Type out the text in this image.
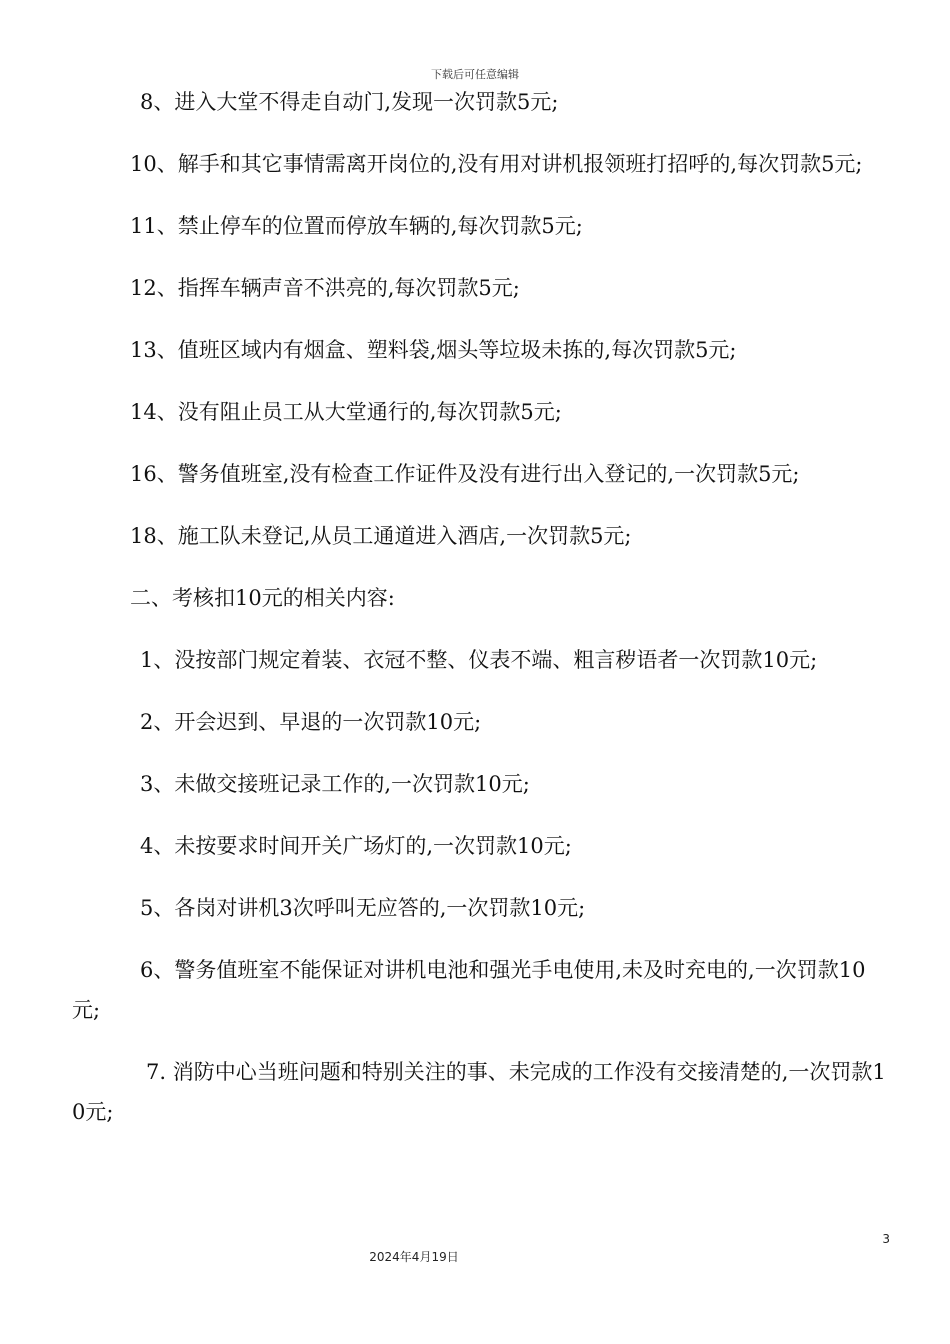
下载后可任意编辑

8、进入大堂不得走自动门,发现一次罚款5元;

10、解手和其它事情需离开岗位的,没有用对讲机报领班打招呼的,每次罚款5元;

11、禁止停车的位置而停放车辆的,每次罚款5元;

12、指挥车辆声音不洪亮的,每次罚款5元;

13、值班区域内有烟盒、塑料袋,烟头等垃圾未拣的,每次罚款5元;

14、没有阻止员工从大堂通行的,每次罚款5元;

16、警务值班室,没有检查工作证件及没有进行出入登记的,一次罚款5元;

18、施工队未登记,从员工通道进入酒店,一次罚款5元;

二、考核扣10元的相关内容:

1、没按部门规定着装、衣冠不整、仪表不端、粗言秽语者一次罚款10元;

2、开会迟到、早退的一次罚款10元;

3、未做交接班记录工作的,一次罚款10元;

4、未按要求时间开关广场灯的,一次罚款10元;

5、各岗对讲机3次呼叫无应答的,一次罚款10元;

6、警务值班室不能保证对讲机电池和强光手电使用,未及时充电的,一次罚款10元;

7. 消防中心当班问题和特别关注的事、未完成的工作没有交接清楚的,一次罚款10元;

3
2024年4月19日
